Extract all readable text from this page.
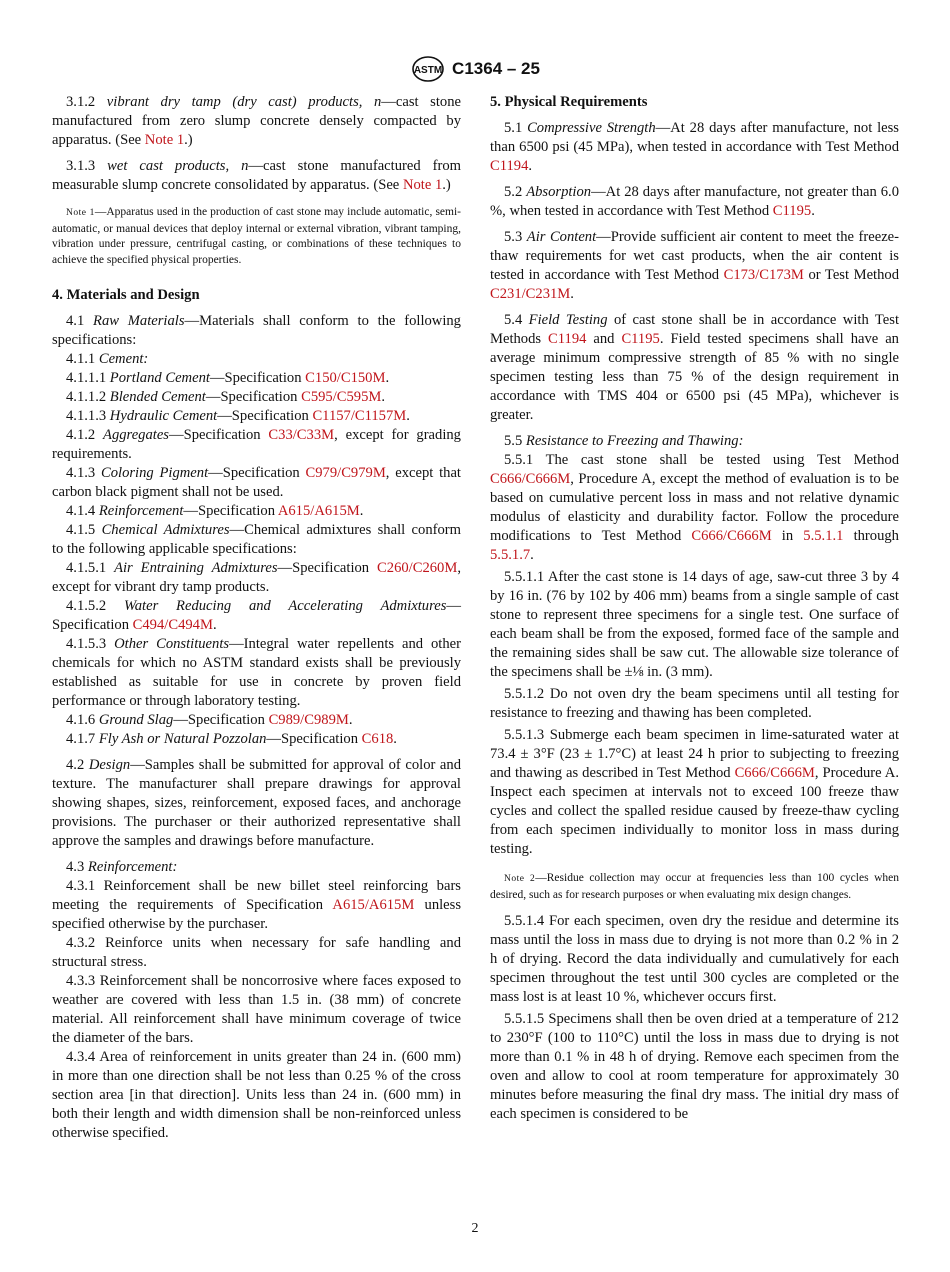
ASTM C1364 – 25

3.1.2 vibrant dry tamp (dry cast) products, n—cast stone manufactured from zero slump concrete densely compacted by apparatus. (See Note 1.)

3.1.3 wet cast products, n—cast stone manufactured from measurable slump concrete consolidated by apparatus. (See Note 1.)

Note 1—Apparatus used in the production of cast stone may include automatic, semi-automatic, or manual devices that deploy internal or external vibration, vibrant tamping, vibration under pressure, centrifugal casting, or combinations of these techniques to achieve the specified physical properties.

4. Materials and Design

4.1 Raw Materials—Materials shall conform to the following specifications:

4.1.1 Cement:

4.1.1.1 Portland Cement—Specification C150/C150M.

4.1.1.2 Blended Cement—Specification C595/C595M.

4.1.1.3 Hydraulic Cement—Specification C1157/C1157M.

4.1.2 Aggregates—Specification C33/C33M, except for grading requirements.

4.1.3 Coloring Pigment—Specification C979/C979M, except that carbon black pigment shall not be used.

4.1.4 Reinforcement—Specification A615/A615M.

4.1.5 Chemical Admixtures—Chemical admixtures shall conform to the following applicable specifications:

4.1.5.1 Air Entraining Admixtures—Specification C260/C260M, except for vibrant dry tamp products.

4.1.5.2 Water Reducing and Accelerating Admixtures—Specification C494/C494M.

4.1.5.3 Other Constituents—Integral water repellents and other chemicals for which no ASTM standard exists shall be previously established as suitable for use in concrete by proven field performance or through laboratory testing.

4.1.6 Ground Slag—Specification C989/C989M.

4.1.7 Fly Ash or Natural Pozzolan—Specification C618.

4.2 Design—Samples shall be submitted for approval of color and texture. The manufacturer shall prepare drawings for approval showing shapes, sizes, reinforcement, exposed faces, and anchorage provisions. The purchaser or their authorized representative shall approve the samples and drawings before manufacture.

4.3 Reinforcement:

4.3.1 Reinforcement shall be new billet steel reinforcing bars meeting the requirements of Specification A615/A615M unless specified otherwise by the purchaser.

4.3.2 Reinforce units when necessary for safe handling and structural stress.

4.3.3 Reinforcement shall be noncorrosive where faces exposed to weather are covered with less than 1.5 in. (38 mm) of concrete material. All reinforcement shall have minimum coverage of twice the diameter of the bars.

4.3.4 Area of reinforcement in units greater than 24 in. (600 mm) in more than one direction shall be not less than 0.25 % of the cross section area [in that direction]. Units less than 24 in. (600 mm) in both their length and width dimension shall be non-reinforced unless otherwise specified.

5. Physical Requirements

5.1 Compressive Strength—At 28 days after manufacture, not less than 6500 psi (45 MPa), when tested in accordance with Test Method C1194.

5.2 Absorption—At 28 days after manufacture, not greater than 6.0 %, when tested in accordance with Test Method C1195.

5.3 Air Content—Provide sufficient air content to meet the freeze-thaw requirements for wet cast products, when the air content is tested in accordance with Test Method C173/C173M or Test Method C231/C231M.

5.4 Field Testing of cast stone shall be in accordance with Test Methods C1194 and C1195. Field tested specimens shall have an average minimum compressive strength of 85 % with no single specimen testing less than 75 % of the design requirement in accordance with TMS 404 or 6500 psi (45 MPa), whichever is greater.

5.5 Resistance to Freezing and Thawing:

5.5.1 The cast stone shall be tested using Test Method C666/C666M, Procedure A, except the method of evaluation is to be based on cumulative percent loss in mass and not relative dynamic modulus of elasticity and durability factor. Follow the procedure modifications to Test Method C666/C666M in 5.5.1.1 through 5.5.1.7.

5.5.1.1 After the cast stone is 14 days of age, saw-cut three 3 by 4 by 16 in. (76 by 102 by 406 mm) beams from a single sample of cast stone to represent three specimens for a single test. One surface of each beam shall be from the exposed, formed face of the sample and the remaining sides shall be saw cut. The allowable size tolerance of the specimens shall be ±⅛ in. (3 mm).

5.5.1.2 Do not oven dry the beam specimens until all testing for resistance to freezing and thawing has been completed.

5.5.1.3 Submerge each beam specimen in lime-saturated water at 73.4 ± 3°F (23 ± 1.7°C) at least 24 h prior to subjecting to freezing and thawing as described in Test Method C666/C666M, Procedure A. Inspect each specimen at intervals not to exceed 100 freeze thaw cycles and collect the spalled residue caused by freeze-thaw cycling from each specimen individually to monitor loss in mass during testing.

Note 2—Residue collection may occur at frequencies less than 100 cycles when desired, such as for research purposes or when evaluating mix design changes.

5.5.1.4 For each specimen, oven dry the residue and determine its mass until the loss in mass due to drying is not more than 0.2 % in 2 h of drying. Record the data individually and cumulatively for each specimen throughout the test until 300 cycles are completed or the mass lost is at least 10 %, whichever occurs first.

5.5.1.5 Specimens shall then be oven dried at a temperature of 212 to 230°F (100 to 110°C) until the loss in mass due to drying is not more than 0.1 % in 48 h of drying. Remove each specimen from the oven and allow to cool at room temperature for approximately 30 minutes before measuring the final dry mass. The initial dry mass of each specimen is considered to be

2
